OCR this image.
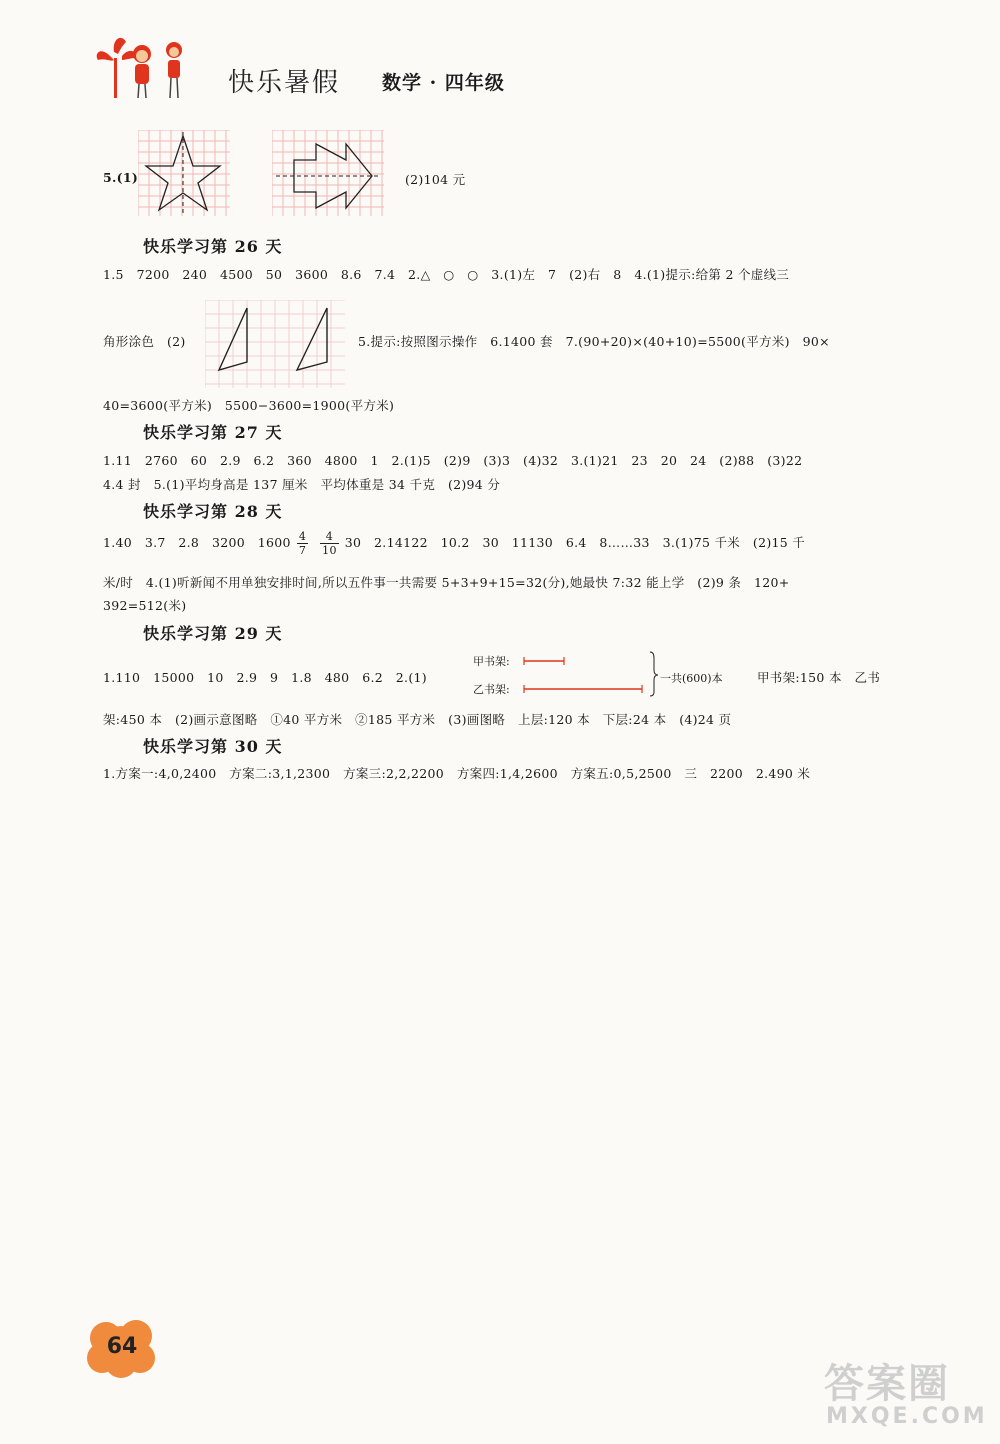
快乐暑假 数学 · 四年级
5.(1)	(2)104 元
快乐学习第 26 天
1.5　7200　240　4500　50　3600　8.6　7.4　2.△　○　○　3.(1)左　7　(2)右　8　4.(1)提示:给第 2 个虚线三
角形涂色　(2)	5.提示:按照图示操作　6.1400 套　7.(90+20)×(40+10)=5500(平方米)　90×
40=3600(平方米)　5500−3600=1900(平方米)
快乐学习第 27 天
1.11　2760　60　2.9　6.2　360　4800　1　2.(1)5　(2)9　(3)3　(4)32　3.(1)21　23　20　24　(2)88　(3)22
4.4 封　5.(1)平均身高是 137 厘米　平均体重是 34 千克　(2)94 分
快乐学习第 28 天
1.40　3.7　2.8　3200　$1600 \frac{4}{7} \frac{4}{10} 30$　2.14122　10.2　30　11130　6.4　8……33　3.(1)75 千米　(2)15 千
米/时　4.(1)听新闻不用单独安排时间,所以五件事一共需要 5+3+9+15=32(分),她最快 7:32 能上学　(2)9 条　120+
392=512(米)
快乐学习第 29 天
1.110　15000　10　2.9　9　1.8　480　6.2　2.(1)
甲书架:
乙书架:
一共(600)本	甲书架:150 本　乙书
架:450 本　(2)画示意图略　①40 平方米　②185 平方米　(3)画图略　上层:120 本　下层:24 本　(4)24 页
快乐学习第 30 天
1.方案一:4,0,2400　方案二:3,1,2300　方案三:2,2,2200　方案四:1,4,2600　方案五:0,5,2500　三　2200　2.490 米
64
答案圈
MXQE.COM
